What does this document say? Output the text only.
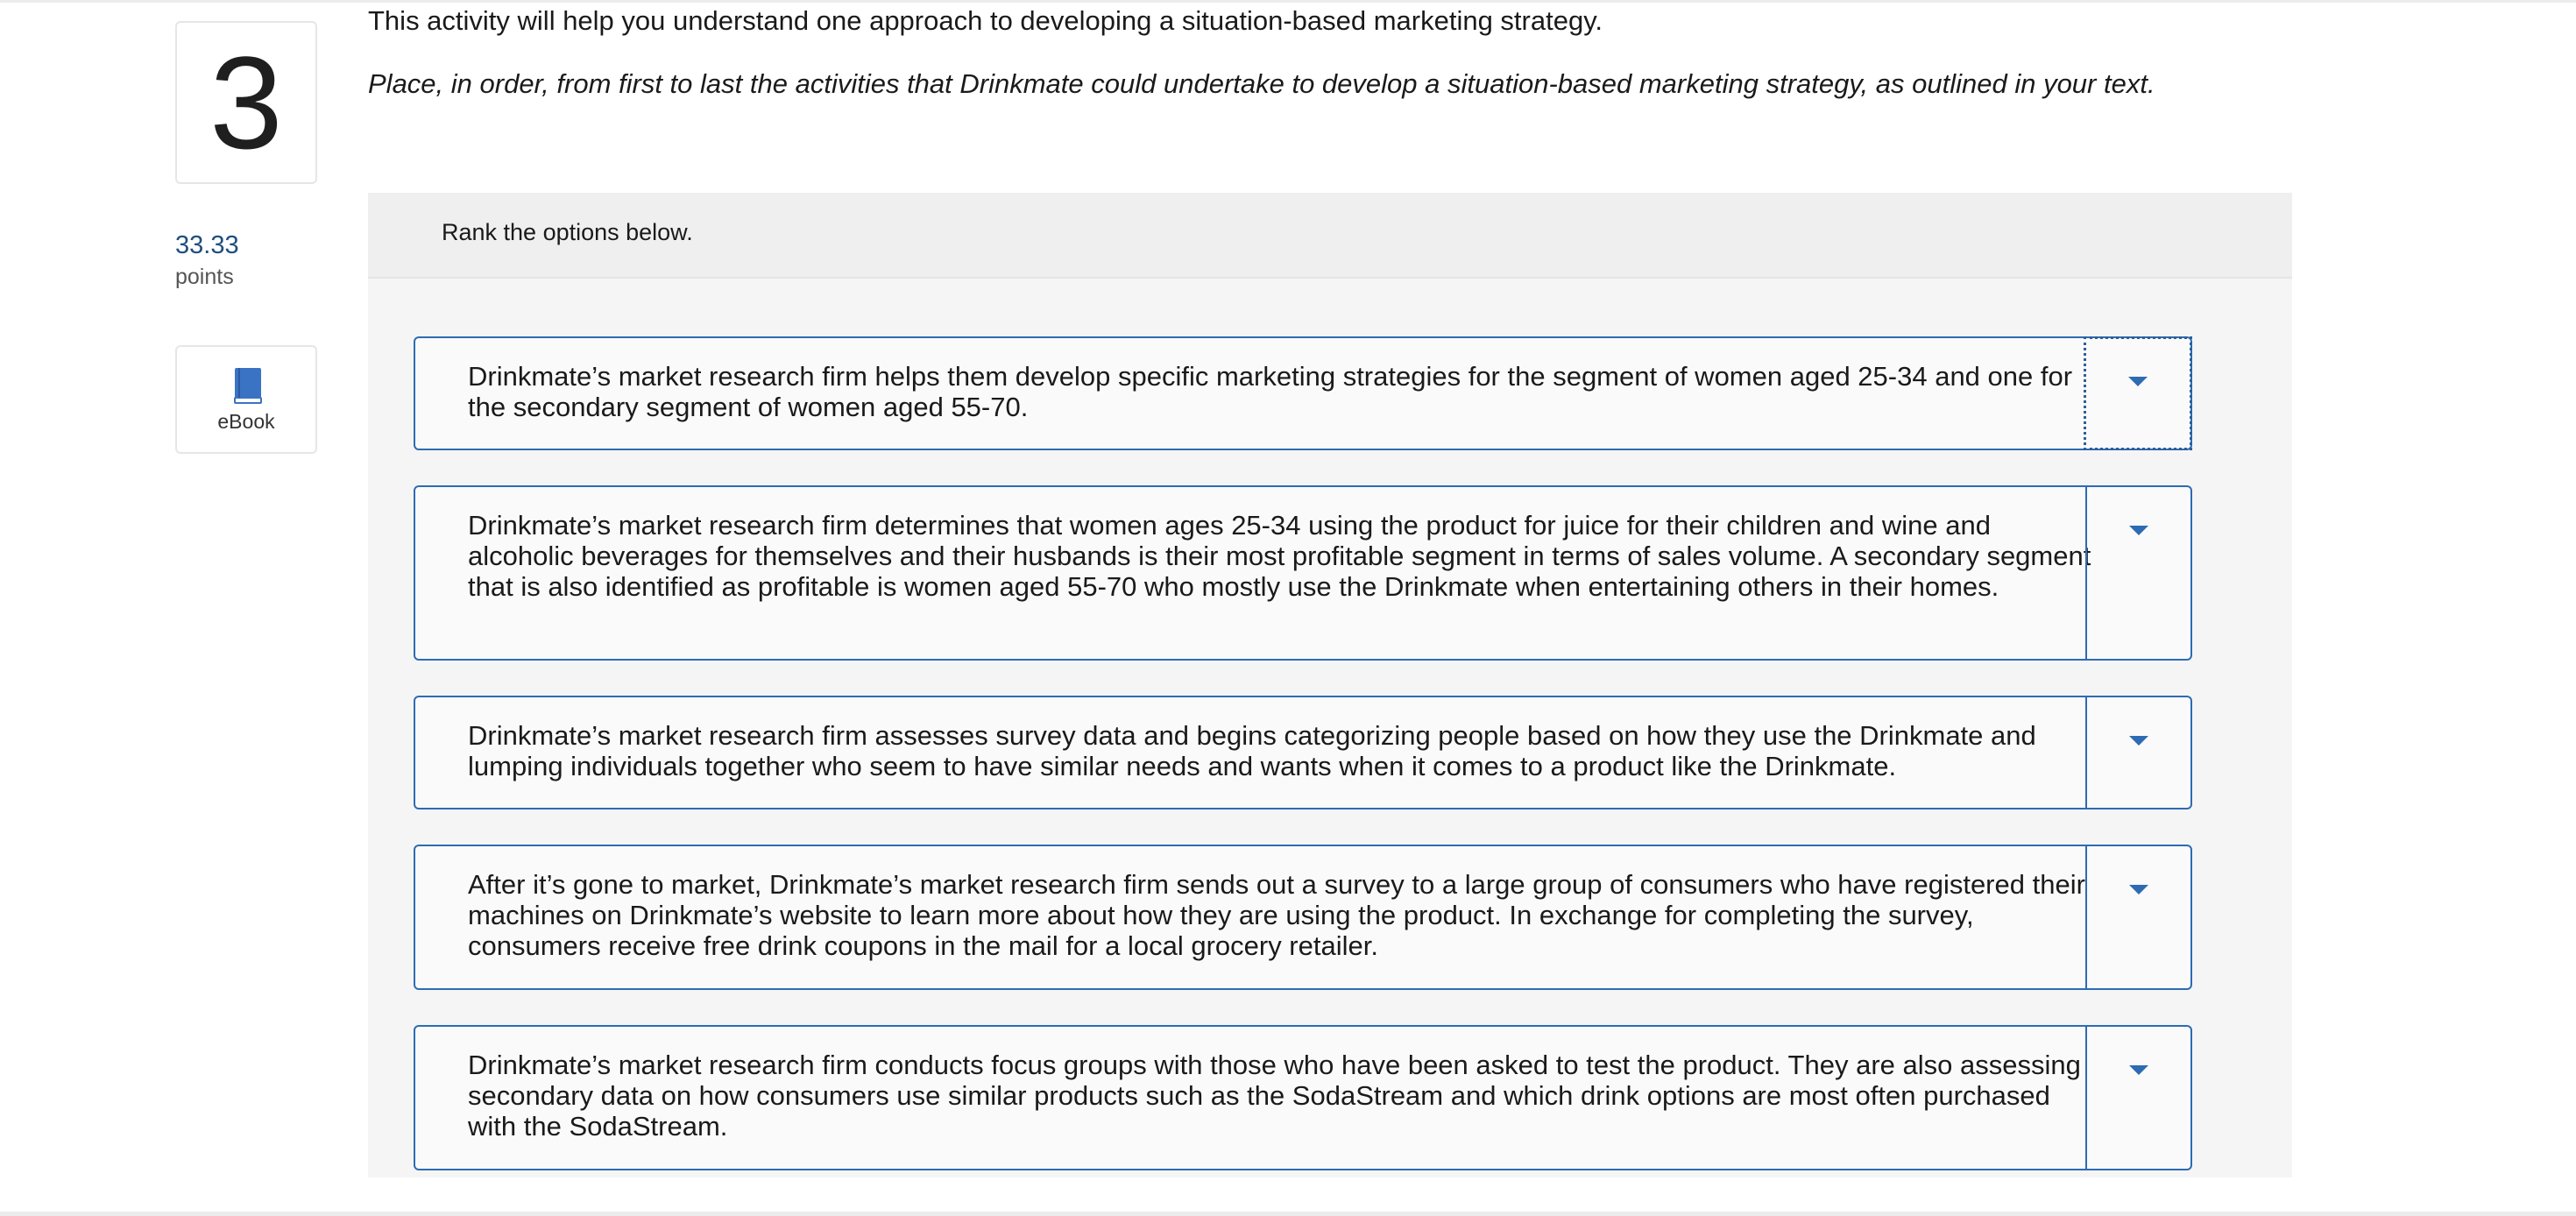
3
33.33
points
eBook
This activity will help you understand one approach to developing a situation-based marketing strategy.
Place, in order, from first to last the activities that Drinkmate could undertake to develop a situation-based marketing strategy, as outlined in your text.
Rank the options below.
Drinkmate’s market research firm helps them develop specific marketing strategies for the segment of women aged 25-34 and one for the secondary segment of women aged 55-70.
Drinkmate’s market research firm determines that women ages 25-34 using the product for juice for their children and wine and alcoholic beverages for themselves and their husbands is their most profitable segment in terms of sales volume. A secondary segment that is also identified as profitable is women aged 55-70 who mostly use the Drinkmate when entertaining others in their homes.
Drinkmate’s market research firm assesses survey data and begins categorizing people based on how they use the Drinkmate and lumping individuals together who seem to have similar needs and wants when it comes to a product like the Drinkmate.
After it’s gone to market, Drinkmate’s market research firm sends out a survey to a large group of consumers who have registered their machines on Drinkmate’s website to learn more about how they are using the product. In exchange for completing the survey, consumers receive free drink coupons in the mail for a local grocery retailer.
Drinkmate’s market research firm conducts focus groups with those who have been asked to test the product. They are also assessing secondary data on how consumers use similar products such as the SodaStream and which drink options are most often purchased with the SodaStream.
